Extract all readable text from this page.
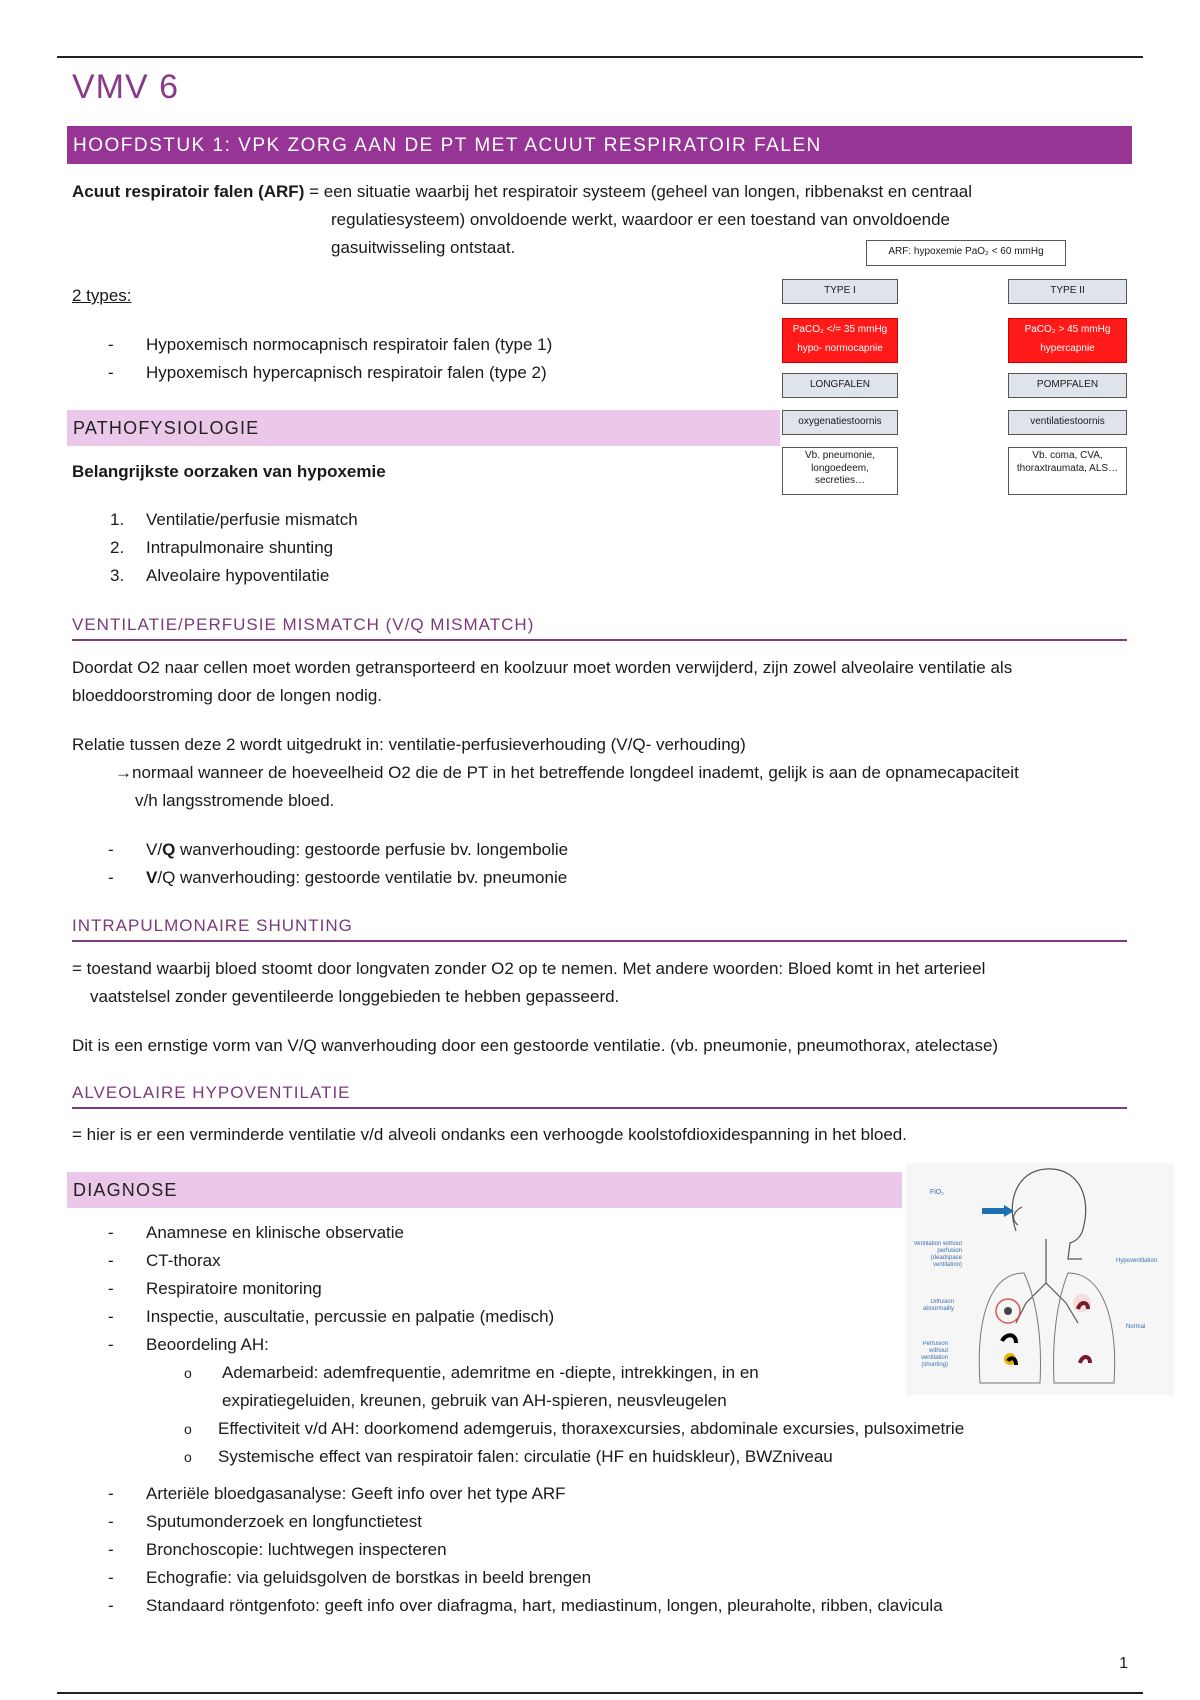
VMV 6
HOOFDSTUK 1: VPK ZORG AAN DE PT MET ACUUT RESPIRATOIR FALEN
Acuut respiratoir falen (ARF) = een situatie waarbij het respiratoir systeem (geheel van longen, ribbenakst en centraal
regulatiesysteem) onvoldoende werkt, waardoor er een toestand van onvoldoende
gasuitwisseling ontstaat.
2 types:
- Hypoxemisch normocapnisch respiratoir falen (type 1)
- Hypoxemisch hypercapnisch respiratoir falen (type 2)
ARF: hypoxemie PaO₂ < 60 mmHg
TYPE I	TYPE II
PaCO₂ </= 35 mmHg
hypo- normocapnie
PaCO₂ > 45 mmHg
hypercapnie
LONGFALEN	POMPFALEN
oxygenatiestoornis	ventilatiestoornis
Vb. pneumonie, longoedeem, secreties…
Vb. coma, CVA, thoraxtraumata, ALS…
PATHOFYSIOLOGIE
Belangrijkste oorzaken van hypoxemie
1. Ventilatie/perfusie mismatch
2. Intrapulmonaire shunting
3. Alveolaire hypoventilatie
VENTILATIE/PERFUSIE MISMATCH (V/Q MISMATCH)
Doordat O2 naar cellen moet worden getransporteerd en koolzuur moet worden verwijderd, zijn zowel alveolaire ventilatie als
bloeddoorstroming door de longen nodig.
Relatie tussen deze 2 wordt uitgedrukt in: ventilatie-perfusieverhouding (V/Q- verhouding)
→normaal wanneer de hoeveelheid O2 die de PT in het betreffende longdeel inademt, gelijk is aan de opnamecapaciteit
v/h langsstromende bloed.
- V/Q wanverhouding: gestoorde perfusie bv. longembolie
- V/Q wanverhouding: gestoorde ventilatie bv. pneumonie
INTRAPULMONAIRE SHUNTING
= toestand waarbij bloed stoomt door longvaten zonder O2 op te nemen. Met andere woorden: Bloed komt in het arterieel
vaatstelsel zonder geventileerde longgebieden te hebben gepasseerd.
Dit is een ernstige vorm van V/Q wanverhouding door een gestoorde ventilatie. (vb. pneumonie, pneumothorax, atelectase)
ALVEOLAIRE HYPOVENTILATIE
= hier is er een verminderde ventilatie v/d alveoli ondanks een verhoogde koolstofdioxidespanning in het bloed.
DIAGNOSE
- Anamnese en klinische observatie
- CT-thorax
- Respiratoire monitoring
- Inspectie, auscultatie, percussie en palpatie (medisch)
- Beoordeling AH:
o Ademarbeid: ademfrequentie, ademritme en -diepte, intrekkingen, in en
expiratiegeluiden, kreunen, gebruik van AH-spieren, neusvleugelen
o Effectiviteit v/d AH: doorkomend ademgeruis, thoraxexcursies, abdominale excursies, pulsoximetrie
o Systemische effect van respiratoir falen: circulatie (HF en huidskleur), BWZniveau
- Arteriële bloedgasanalyse: Geeft info over het type ARF
- Sputumonderzoek en longfunctietest
- Bronchoscopie: luchtwegen inspecteren
- Echografie: via geluidsgolven de borstkas in beeld brengen
- Standaard röntgenfoto: geeft info over diafragma, hart, mediastinum, longen, pleuraholte, ribben, clavicula
FiO₂
Ventilation without perfusion (deadspace ventilation)
Diffusion abnormality
Perfusion without ventilation (shunting)
Hypoventilation
Normal
1
